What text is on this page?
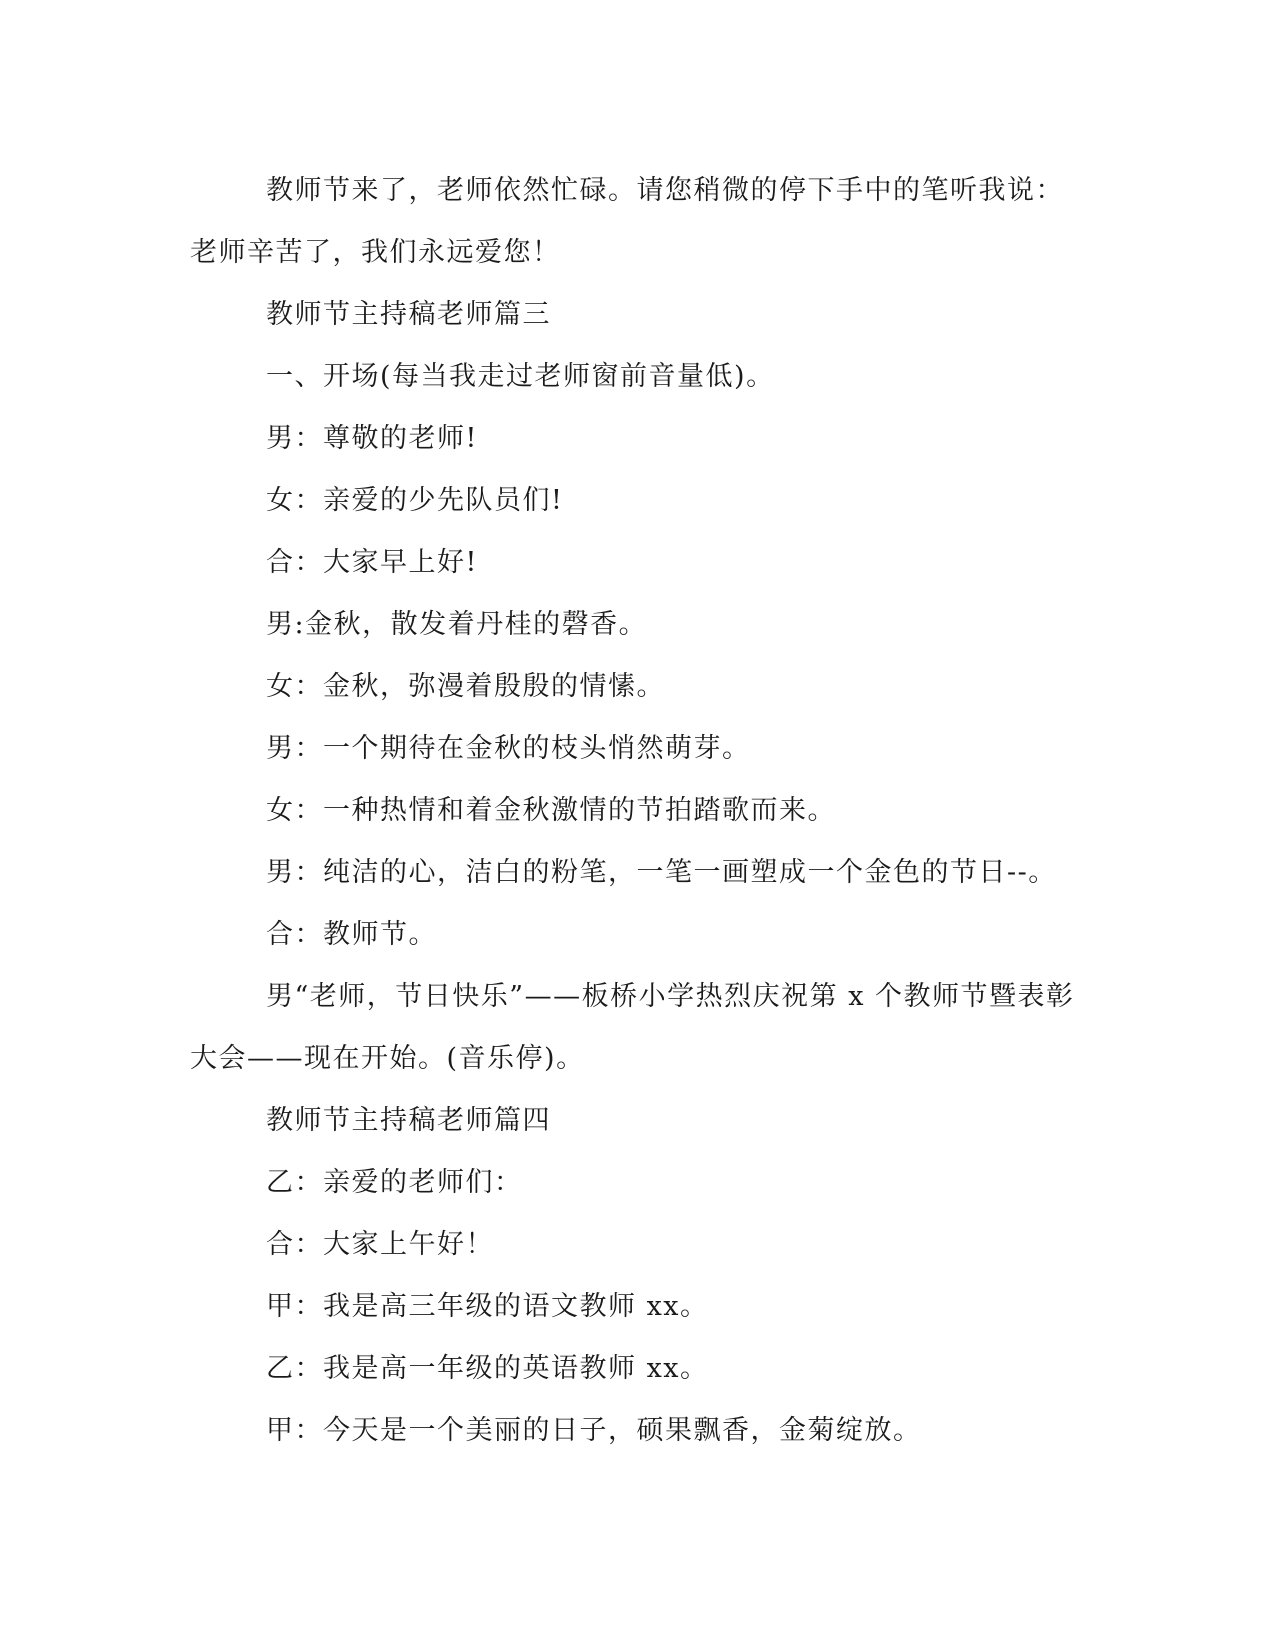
教师节来了，老师依然忙碌。请您稍微的停下手中的笔听我说：老师辛苦了，我们永远爱您！

教师节主持稿老师篇三

一、开场(每当我走过老师窗前音量低)。

男：尊敬的老师!

女：亲爱的少先队员们!

合：大家早上好!

男:金秋，散发着丹桂的磬香。

女：金秋，弥漫着殷殷的情愫。

男：一个期待在金秋的枝头悄然萌芽。

女：一种热情和着金秋激情的节拍踏歌而来。

男：纯洁的心，洁白的粉笔，一笔一画塑成一个金色的节日--。

合：教师节。

男“老师，节日快乐”——板桥小学热烈庆祝第 x 个教师节暨表彰大会——现在开始。(音乐停)。

教师节主持稿老师篇四

乙：亲爱的老师们：

合：大家上午好！

甲：我是高三年级的语文教师 xx。

乙：我是高一年级的英语教师 xx。

甲：今天是一个美丽的日子，硕果飘香，金菊绽放。
